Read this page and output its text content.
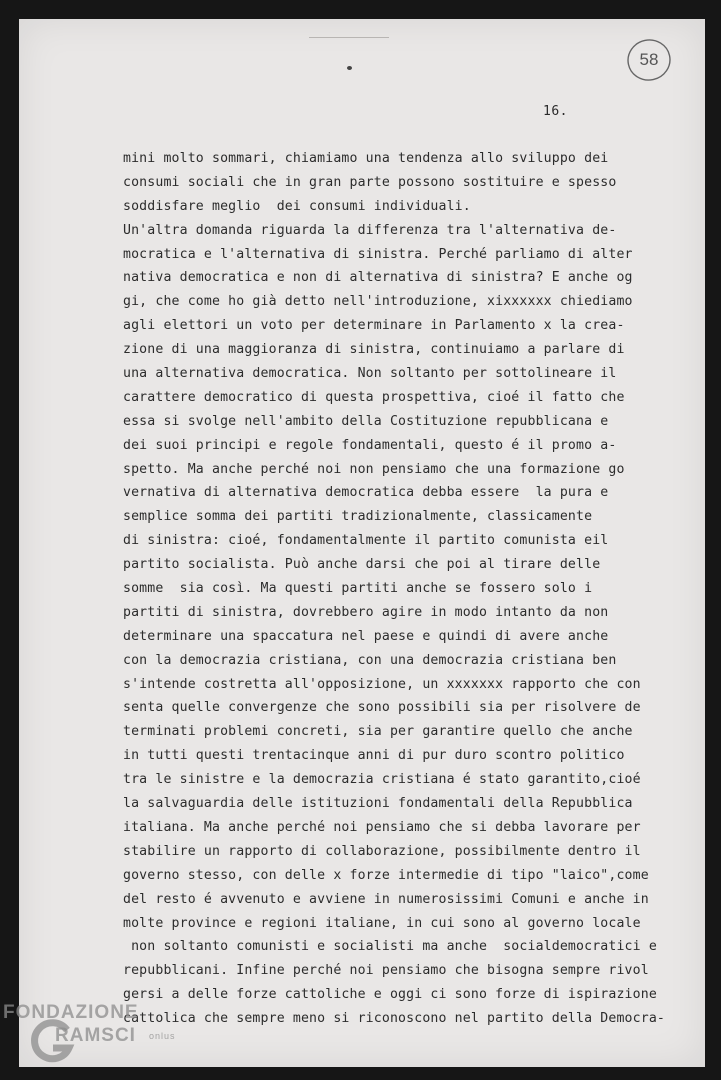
58
16.
mini molto sommari, chiamiamo una tendenza allo sviluppo dei
consumi sociali che in gran parte possono sostituire e spesso
soddisfare meglio  dei consumi individuali.
Un'altra domanda riguarda la differenza tra l'alternativa de-
mocratica e l'alternativa di sinistra. Perché parliamo di alter
nativa democratica e non di alternativa di sinistra? E anche og
gi, che come ho già detto nell'introduzione, xixxxxxx chiediamo
agli elettori un voto per determinare in Parlamento x la crea-
zione di una maggioranza di sinistra, continuiamo a parlare di
una alternativa democratica. Non soltanto per sottolineare il
carattere democratico di questa prospettiva, cioé il fatto che
essa si svolge nell'ambito della Costituzione repubblicana e
dei suoi principi e regole fondamentali, questo é il promo a-
spetto. Ma anche perché noi non pensiamo che una formazione go
vernativa di alternativa democratica debba essere  la pura e
semplice somma dei partiti tradizionalmente, classicamente
di sinistra: cioé, fondamentalmente il partito comunista eil
partito socialista. Può anche darsi che poi al tirare delle
somme  sia così. Ma questi partiti anche se fossero solo i
partiti di sinistra, dovrebbero agire in modo intanto da non
determinare una spaccatura nel paese e quindi di avere anche
con la democrazia cristiana, con una democrazia cristiana ben
s'intende costretta all'opposizione, un xxxxxxx rapporto che con
senta quelle convergenze che sono possibili sia per risolvere de
terminati problemi concreti, sia per garantire quello che anche
in tutti questi trentacinque anni di pur duro scontro politico
tra le sinistre e la democrazia cristiana é stato garantito,cioé
la salvaguardia delle istituzioni fondamentali della Repubblica
italiana. Ma anche perché noi pensiamo che si debba lavorare per
stabilire un rapporto di collaborazione, possibilmente dentro il
governo stesso, con delle x forze intermedie di tipo "laico",come
del resto é avvenuto e avviene in numerosissimi Comuni e anche in
molte province e regioni italiane, in cui sono al governo locale
non soltanto comunisti e socialisti ma anche  socialdemocratici e
repubblicani. Infine perché noi pensiamo che bisogna sempre rivol
gersi a delle forze cattoliche e oggi ci sono forze di ispirazione
cattolica che sempre meno si riconoscono nel partito della Democra-
FONDAZIONE
RAMSCI onlus
